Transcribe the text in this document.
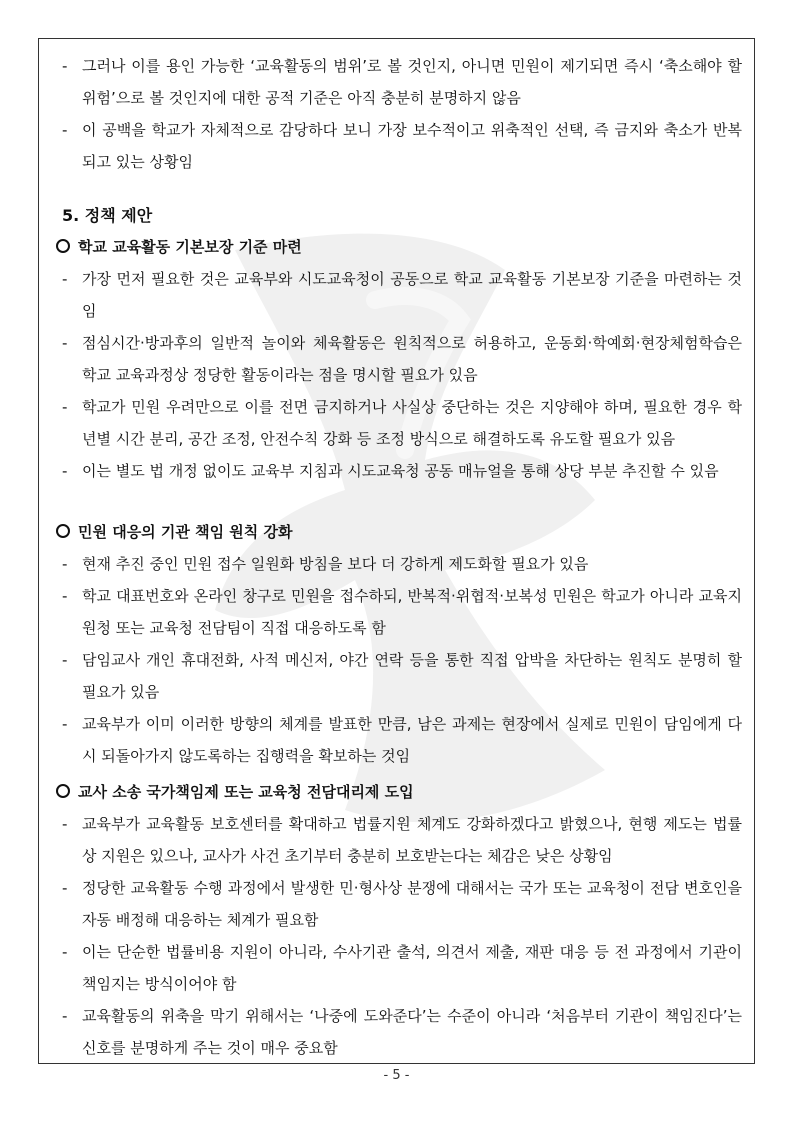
- 그러나 이를 용인 가능한 ‘교육활동의 범위’로 볼 것인지, 아니면 민원이 제기되면 즉시 ‘축소해야 할 위험’으로 볼 것인지에 대한 공적 기준은 아직 충분히 분명하지 않음
- 이 공백을 학교가 자체적으로 감당하다 보니 가장 보수적이고 위축적인 선택, 즉 금지와 축소가 반복되고 있는 상황임
5. 정책 제안
학교 교육활동 기본보장 기준 마련
- 가장 먼저 필요한 것은 교육부와 시도교육청이 공동으로 학교 교육활동 기본보장 기준을 마련하는 것임
- 점심시간·방과후의 일반적 놀이와 체육활동은 원칙적으로 허용하고, 운동회·학예회·현장체험학습은 학교 교육과정상 정당한 활동이라는 점을 명시할 필요가 있음
- 학교가 민원 우려만으로 이를 전면 금지하거나 사실상 중단하는 것은 지양해야 하며, 필요한 경우 학년별 시간 분리, 공간 조정, 안전수칙 강화 등 조정 방식으로 해결하도록 유도할 필요가 있음
- 이는 별도 법 개정 없이도 교육부 지침과 시도교육청 공동 매뉴얼을 통해 상당 부분 추진할 수 있음
민원 대응의 기관 책임 원칙 강화
- 현재 추진 중인 민원 접수 일원화 방침을 보다 더 강하게 제도화할 필요가 있음
- 학교 대표번호와 온라인 창구로 민원을 접수하되, 반복적·위협적·보복성 민원은 학교가 아니라 교육지원청 또는 교육청 전담팀이 직접 대응하도록 함
- 담임교사 개인 휴대전화, 사적 메신저, 야간 연락 등을 통한 직접 압박을 차단하는 원칙도 분명히 할 필요가 있음
- 교육부가 이미 이러한 방향의 체계를 발표한 만큼, 남은 과제는 현장에서 실제로 민원이 담임에게 다시 되돌아가지 않도록하는 집행력을 확보하는 것임
교사 소송 국가책임제 또는 교육청 전담대리제 도입
- 교육부가 교육활동 보호센터를 확대하고 법률지원 체계도 강화하겠다고 밝혔으나, 현행 제도는 법률상 지원은 있으나, 교사가 사건 초기부터 충분히 보호받는다는 체감은 낮은 상황임
- 정당한 교육활동 수행 과정에서 발생한 민·형사상 분쟁에 대해서는 국가 또는 교육청이 전담 변호인을 자동 배정해 대응하는 체계가 필요함
- 이는 단순한 법률비용 지원이 아니라, 수사기관 출석, 의견서 제출, 재판 대응 등 전 과정에서 기관이 책임지는 방식이어야 함
- 교육활동의 위축을 막기 위해서는 ‘나중에 도와준다’는 수준이 아니라 ‘처음부터 기관이 책임진다’는 신호를 분명하게 주는 것이 매우 중요함
- 5 -
